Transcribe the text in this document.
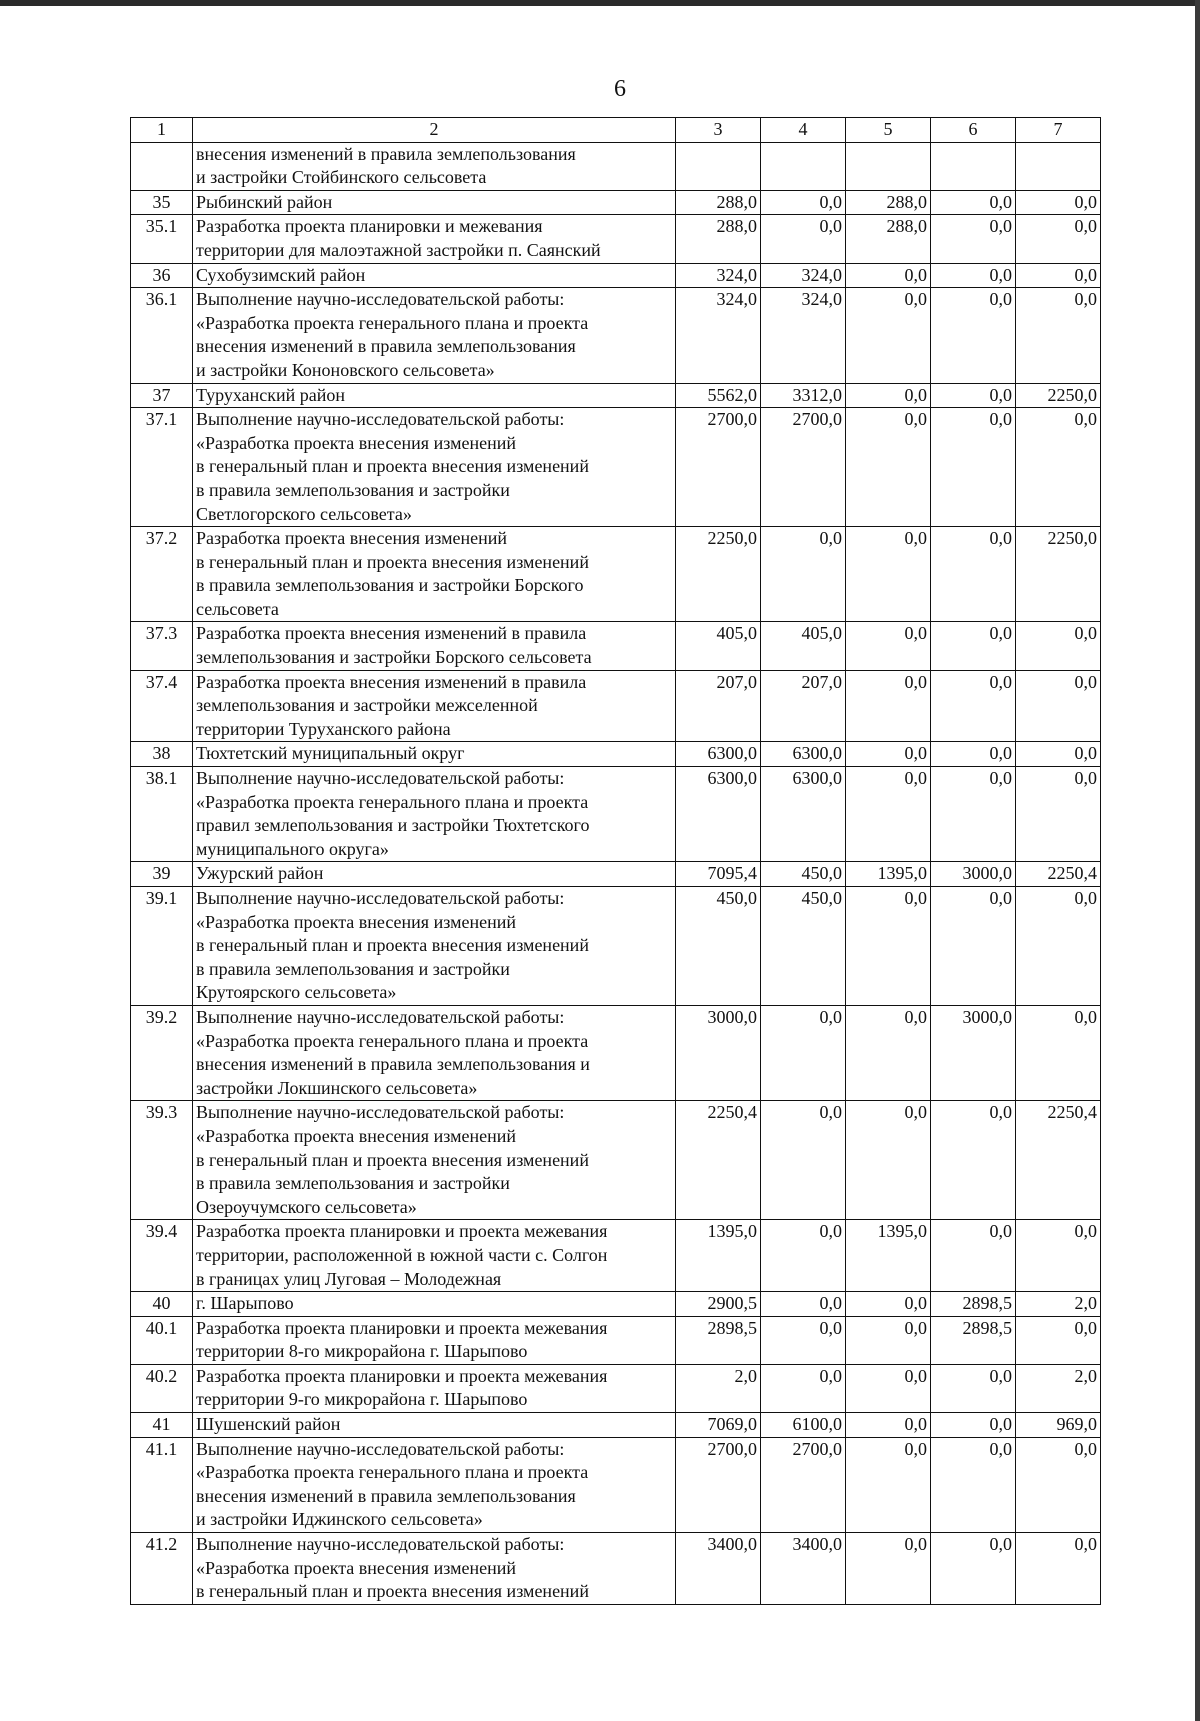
6
1	2	3	4	5	6	7
	внесения изменений в правила землепользования
и застройки Стойбинского сельсовета					
35	Рыбинский район	288,0	0,0	288,0	0,0	0,0
35.1	Разработка проекта планировки и межевания
территории для малоэтажной застройки п. Саянский	288,0	0,0	288,0	0,0	0,0
36	Сухобузимский район	324,0	324,0	0,0	0,0	0,0
36.1	Выполнение научно-исследовательской работы:
«Разработка проекта генерального плана и проекта
внесения изменений в правила землепользования
и застройки Кононовского сельсовета»	324,0	324,0	0,0	0,0	0,0
37	Туруханский район	5562,0	3312,0	0,0	0,0	2250,0
37.1	Выполнение научно-исследовательской работы:
«Разработка проекта внесения изменений
в генеральный план и проекта внесения изменений
в правила землепользования и застройки
Светлогорского сельсовета»	2700,0	2700,0	0,0	0,0	0,0
37.2	Разработка проекта внесения изменений
в генеральный план и проекта внесения изменений
в правила землепользования и застройки Борского
сельсовета	2250,0	0,0	0,0	0,0	2250,0
37.3	Разработка проекта внесения изменений в правила
землепользования и застройки Борского сельсовета	405,0	405,0	0,0	0,0	0,0
37.4	Разработка проекта внесения изменений в правила
землепользования и застройки межселенной
территории Туруханского района	207,0	207,0	0,0	0,0	0,0
38	Тюхтетский муниципальный округ	6300,0	6300,0	0,0	0,0	0,0
38.1	Выполнение научно-исследовательской работы:
«Разработка проекта генерального плана и проекта
правил землепользования и застройки Тюхтетского
муниципального округа»	6300,0	6300,0	0,0	0,0	0,0
39	Ужурский район	7095,4	450,0	1395,0	3000,0	2250,4
39.1	Выполнение научно-исследовательской работы:
«Разработка проекта внесения изменений
в генеральный план и проекта внесения изменений
в правила землепользования и застройки
Крутоярского сельсовета»	450,0	450,0	0,0	0,0	0,0
39.2	Выполнение научно-исследовательской работы:
«Разработка проекта генерального плана и проекта
внесения изменений в правила землепользования и
застройки Локшинского сельсовета»	3000,0	0,0	0,0	3000,0	0,0
39.3	Выполнение научно-исследовательской работы:
«Разработка проекта внесения изменений
в генеральный план и проекта внесения изменений
в правила землепользования и застройки
Озероучумского сельсовета»	2250,4	0,0	0,0	0,0	2250,4
39.4	Разработка проекта планировки и проекта межевания
территории, расположенной в южной части с. Солгон
в границах улиц Луговая – Молодежная	1395,0	0,0	1395,0	0,0	0,0
40	г. Шарыпово	2900,5	0,0	0,0	2898,5	2,0
40.1	Разработка проекта планировки и проекта межевания
территории 8-го микрорайона г. Шарыпово	2898,5	0,0	0,0	2898,5	0,0
40.2	Разработка проекта планировки и проекта межевания
территории 9-го микрорайона г. Шарыпово	2,0	0,0	0,0	0,0	2,0
41	Шушенский район	7069,0	6100,0	0,0	0,0	969,0
41.1	Выполнение научно-исследовательской работы:
«Разработка проекта генерального плана и проекта
внесения изменений в правила землепользования
и застройки Иджинского сельсовета»	2700,0	2700,0	0,0	0,0	0,0
41.2	Выполнение научно-исследовательской работы:
«Разработка проекта внесения изменений
в генеральный план и проекта внесения изменений	3400,0	3400,0	0,0	0,0	0,0
